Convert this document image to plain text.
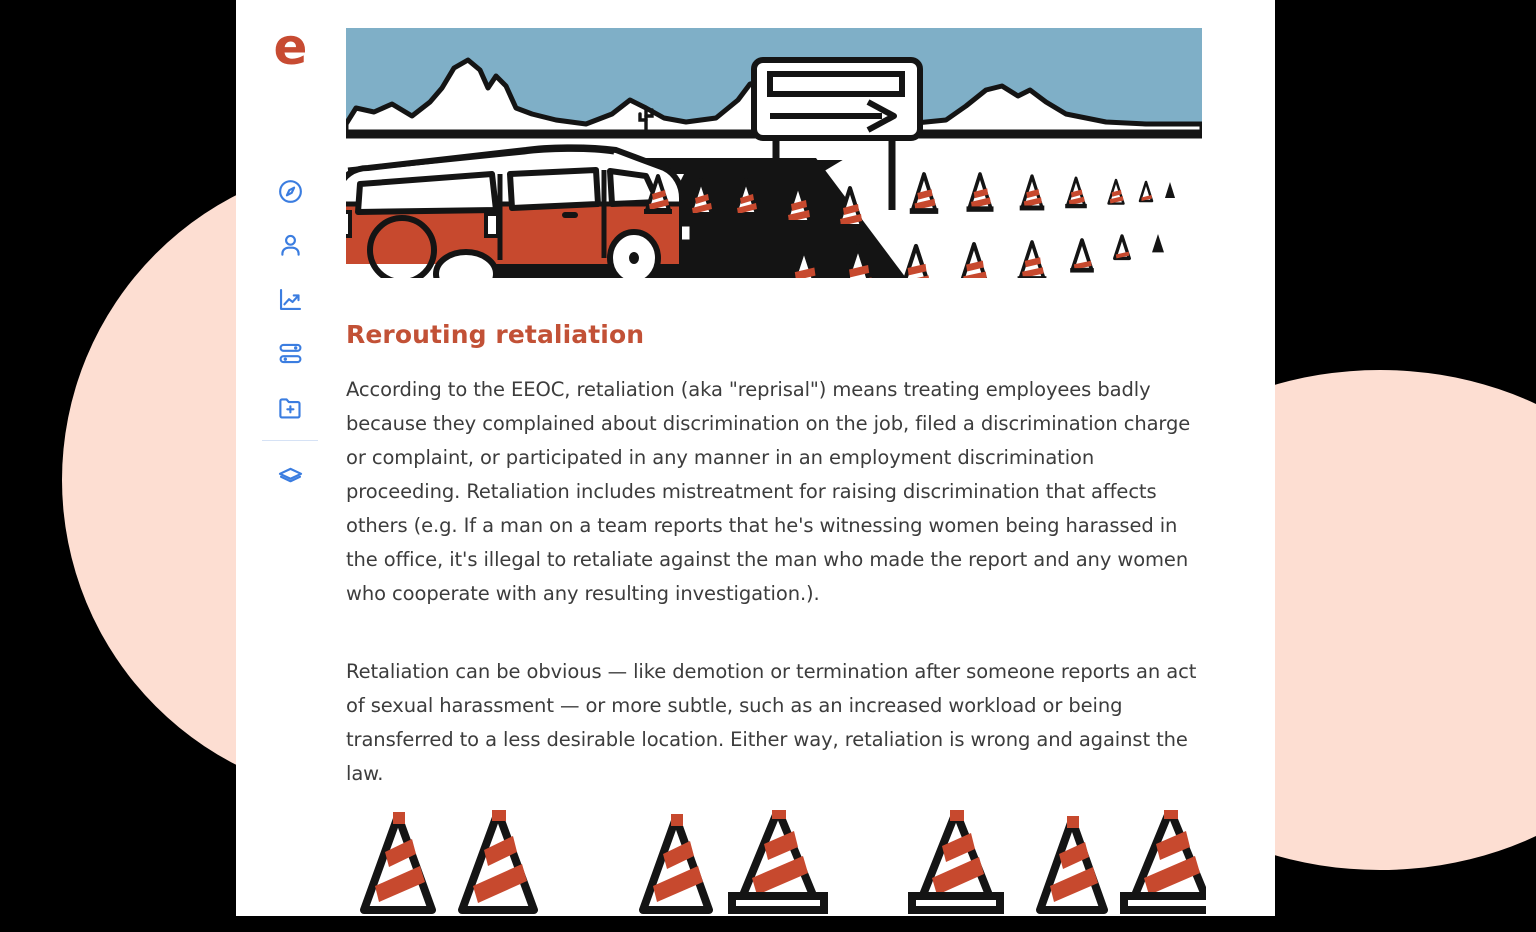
e
Rerouting retaliation

According to the EEOC, retaliation (aka "reprisal") means treating employees badly because they complained about discrimination on the job, filed a discrimination charge or complaint, or participated in any manner in an employment discrimination proceeding. Retaliation includes mistreatment for raising discrimination that affects others (e.g. If a man on a team reports that he's witnessing women being harassed in the office, it's illegal to retaliate against the man who made the report and any women who cooperate with any resulting investigation.).

Retaliation can be obvious — like demotion or termination after someone reports an act of sexual harassment — or more subtle, such as an increased workload or being transferred to a less desirable location. Either way, retaliation is wrong and against the law.
